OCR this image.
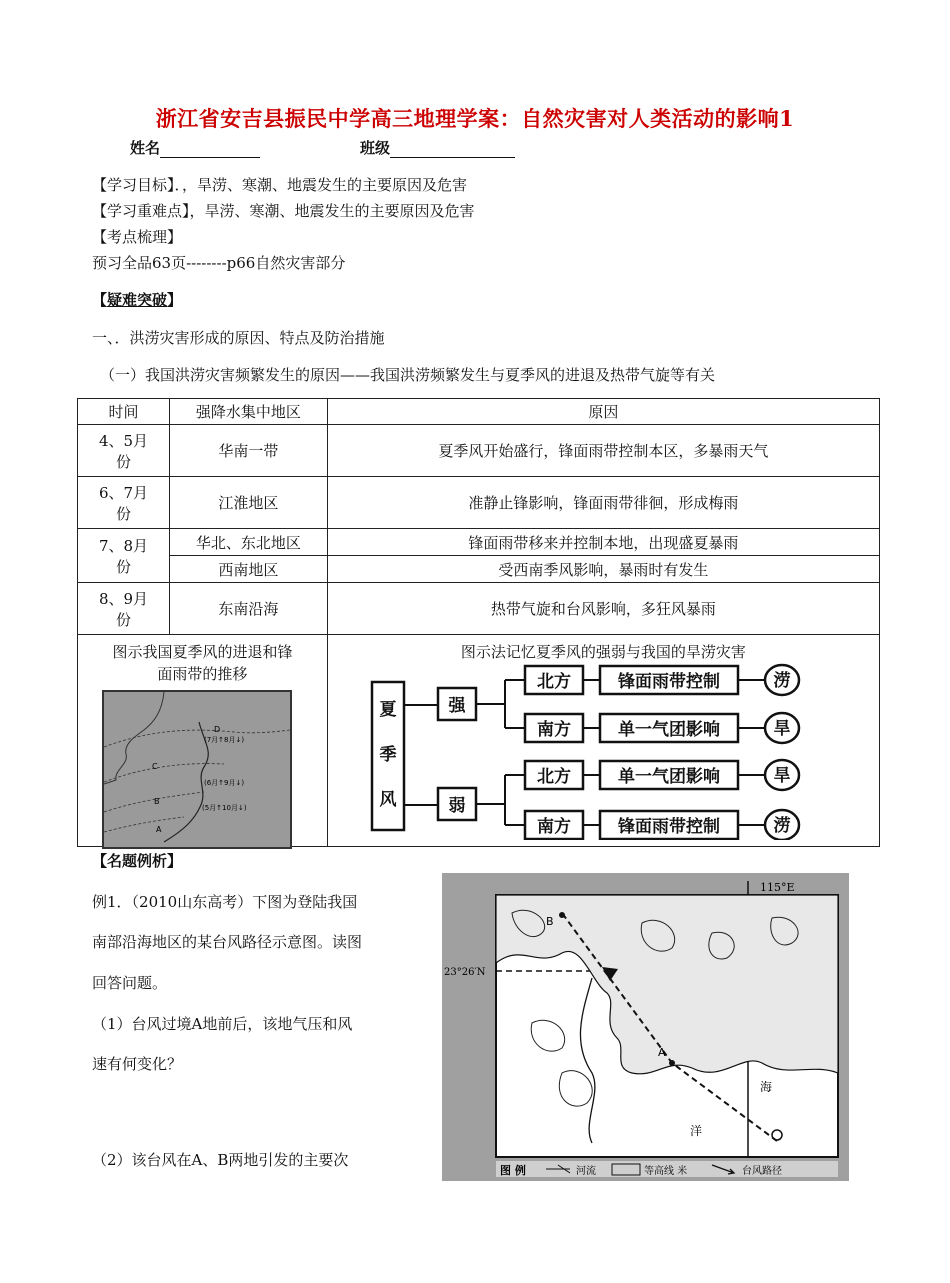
浙江省安吉县振民中学高三地理学案：自然灾害对人类活动的影响1
姓名	班级
【学习目标】．，旱涝、寒潮、地震发生的主要原因及危害
【学习重难点】，旱涝、寒潮、地震发生的主要原因及危害
【考点梳理】
预习全品63页--------p66自然灾害部分
【疑难突破】
一、．洪涝灾害形成的原因、特点及防治措施
（一）我国洪涝灾害频繁发生的原因——我国洪涝频繁发生与夏季风的进退及热带气旋等有关
时间	强降水集中地区	原因
4、5月份	华南一带	夏季风开始盛行，锋面雨带控制本区，多暴雨天气
6、7月份	江淮地区	准静止锋影响，锋面雨带徘徊，形成梅雨
7、8月份	华北、东北地区	锋面雨带移来并控制本地，出现盛夏暴雨
	西南地区	受西南季风影响，暴雨时有发生
8、9月份	东南沿海	热带气旋和台风影响，多狂风暴雨

图示我国夏季风的进退和锋面雨带的推移		图示法记忆夏季风的强弱与我国的旱涝灾害
D
(7月↑8月↓)
C
(6月↑9月↓)
B
(5月↑10月↓)
A
夏
季
风
强
弱
北方
南方
北方
南方
锋面雨带控制
单一气团影响
单一气团影响
锋面雨带控制
涝
旱
旱
涝
【名题例析】
例1．（2010山东高考）下图为登陆我国
南部沿海地区的某台风路径示意图。读图
回答问题。
（1）台风过境A地前后，该地气压和风
速有何变化？
（2）该台风在A、B两地引发的主要次
A
B
115°E
23°26′N
海
洋
图 例	河流	等高线 米	台风路径
